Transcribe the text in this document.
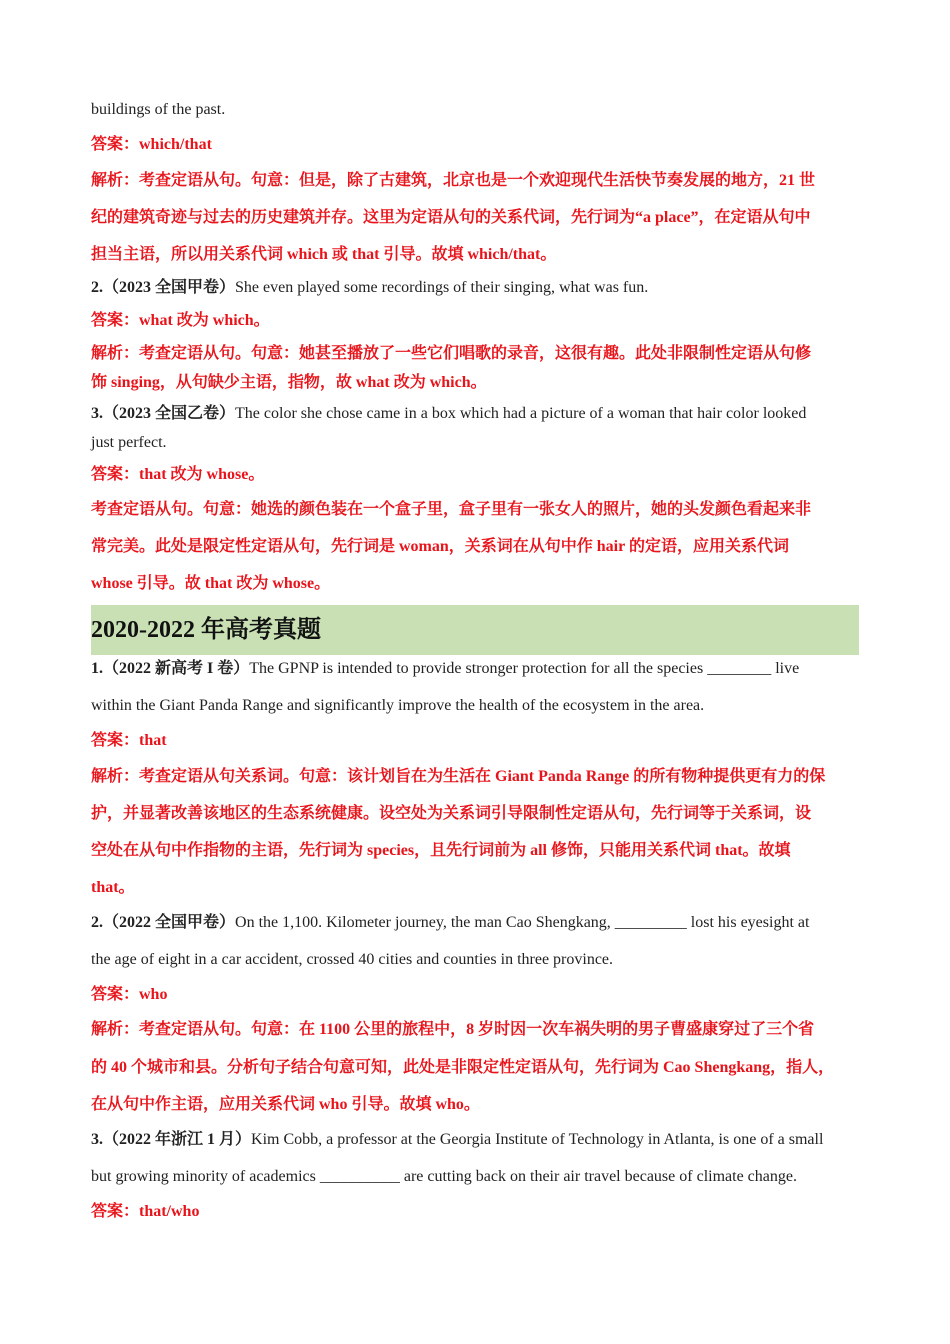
buildings of the past.
答案：which/that
解析：考查定语从句。句意：但是，除了古建筑，北京也是一个欢迎现代生活快节奏发展的地方，21 世
纪的建筑奇迹与过去的历史建筑并存。这里为定语从句的关系代词，先行词为“a place”，在定语从句中
担当主语，所以用关系代词 which 或 that 引导。故填 which/that。
2.（2023 全国甲卷）She even played some recordings of their singing, what was fun.
答案：what 改为 which。
解析：考查定语从句。句意：她甚至播放了一些它们唱歌的录音，这很有趣。此处非限制性定语从句修
饰 singing，从句缺少主语，指物，故 what 改为 which。
3.（2023 全国乙卷）The color she chose came in a box which had a picture of a woman that hair color looked
just perfect.
答案：that 改为 whose。
考查定语从句。句意：她选的颜色装在一个盒子里，盒子里有一张女人的照片，她的头发颜色看起来非
常完美。此处是限定性定语从句，先行词是 woman，关系词在从句中作 hair 的定语，应用关系代词
whose 引导。故 that 改为 whose。
2020-2022 年高考真题
1.（2022 新高考 I 卷）The GPNP is intended to provide stronger protection for all the species ________ live
within the Giant Panda Range and significantly improve the health of the ecosystem in the area.
答案：that
解析：考查定语从句关系词。句意：该计划旨在为生活在 Giant Panda Range 的所有物种提供更有力的保
护，并显著改善该地区的生态系统健康。设空处为关系词引导限制性定语从句，先行词等于关系词，设
空处在从句中作指物的主语，先行词为 species，且先行词前为 all 修饰，只能用关系代词 that。故填
that。
2.（2022 全国甲卷）On the 1,100. Kilometer journey, the man Cao Shengkang, _________ lost his eyesight at
the age of eight in a car accident, crossed 40 cities and counties in three province.
答案：who
解析：考查定语从句。句意：在 1100 公里的旅程中，8 岁时因一次车祸失明的男子曹盛康穿过了三个省
的 40 个城市和县。分析句子结合句意可知，此处是非限定性定语从句，先行词为 Cao Shengkang，指人，
在从句中作主语，应用关系代词 who 引导。故填 who。
3.（2022 年浙江 1 月）Kim Cobb, a professor at the Georgia Institute of Technology in Atlanta, is one of a small
but growing minority of academics __________ are cutting back on their air travel because of climate change.
答案：that/who
